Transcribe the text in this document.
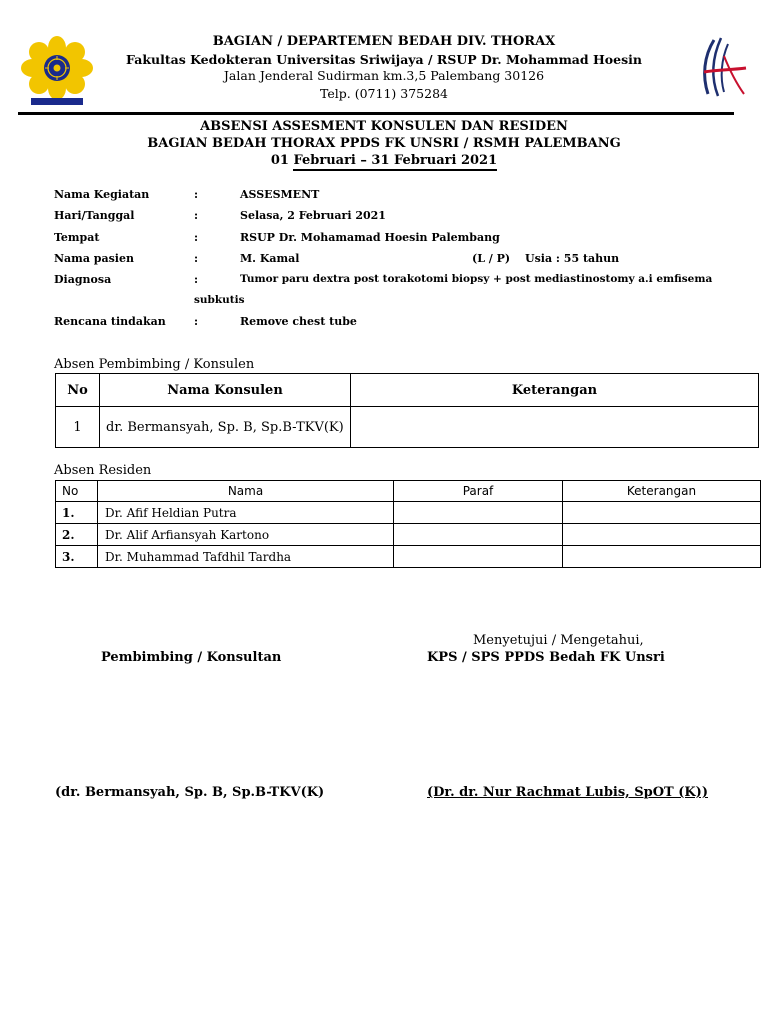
BAGIAN / DEPARTEMEN BEDAH DIV. THORAX
Fakultas Kedokteran Universitas Sriwijaya / RSUP Dr. Mohammad Hoesin
Jalan Jenderal Sudirman km.3,5 Palembang 30126
Telp. (0711) 375284
ABSENSI ASSESMENT KONSULEN DAN RESIDEN
BAGIAN BEDAH THORAX PPDS FK UNSRI / RSMH PALEMBANG
01 Februari – 31 Februari 2021
Nama Kegiatan	:	ASSESMENT
Hari/Tanggal	:	Selasa, 2 Februari 2021
Tempat	:	RSUP Dr. Mohamamad Hoesin Palembang
Nama pasien	:	M. Kamal	(L / P) Usia : 55 tahun
Diagnosa	:	Tumor paru dextra post torakotomi biopsy + post mediastinostomy a.i emfisema
subkutis
Rencana tindakan	:	Remove chest tube
Absen Pembimbing / Konsulen
No	Nama Konsulen	Keterangan
1	dr. Bermansyah, Sp. B, Sp.B-TKV(K)	
Absen Residen
No	Nama	Paraf	Keterangan
1.	Dr. Afif Heldian Putra		
2.	Dr. Alif Arfiansyah Kartono		
3.	Dr. Muhammad Tafdhil Tardha		
Menyetujui / Mengetahui,
Pembimbing / Konsultan	KPS / SPS PPDS Bedah FK Unsri
(dr. Bermansyah, Sp. B, Sp.B-TKV(K)	(Dr. dr. Nur Rachmat Lubis, SpOT (K))
